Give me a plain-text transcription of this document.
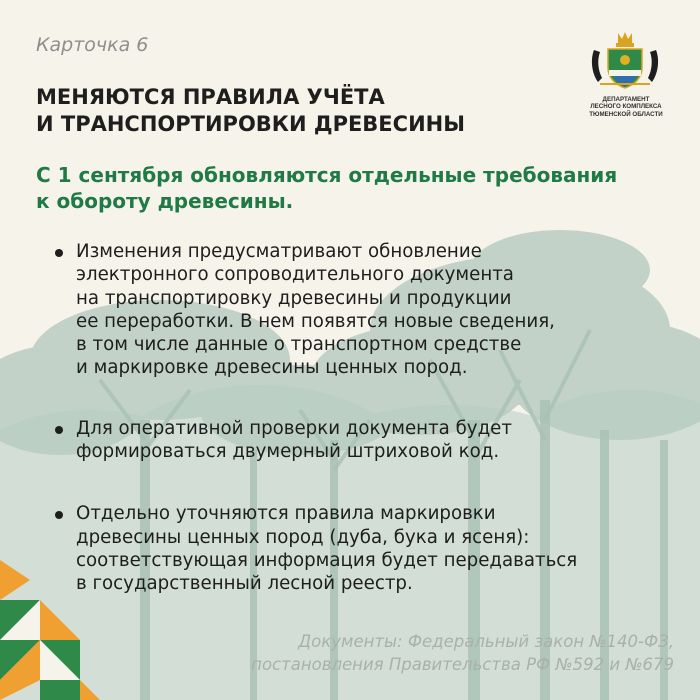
Карточка 6
ДЕПАРТАМЕНТ
ЛЕСНОГО КОМПЛЕКСА
ТЮМЕНСКОЙ ОБЛАСТИ
МЕНЯЮТСЯ ПРАВИЛА УЧЁТА
И ТРАНСПОРТИРОВКИ ДРЕВЕСИНЫ
С 1 сентября обновляются отдельные требования
к обороту древесины.
Изменения предусматривают обновление
электронного сопроводительного документа
на транспортировку древесины и продукции
ее переработки. В нем появятся новые сведения,
в том числе данные о транспортном средстве
и маркировке древесины ценных пород.
Для оперативной проверки документа будет
формироваться двумерный штриховой код.
Отдельно уточняются правила маркировки
древесины ценных пород (дуба, бука и ясеня):
соответствующая информация будет передаваться
в государственный лесной реестр.
Документы: Федеральный закон №140-ФЗ,
постановления Правительства РФ №592 и №679
